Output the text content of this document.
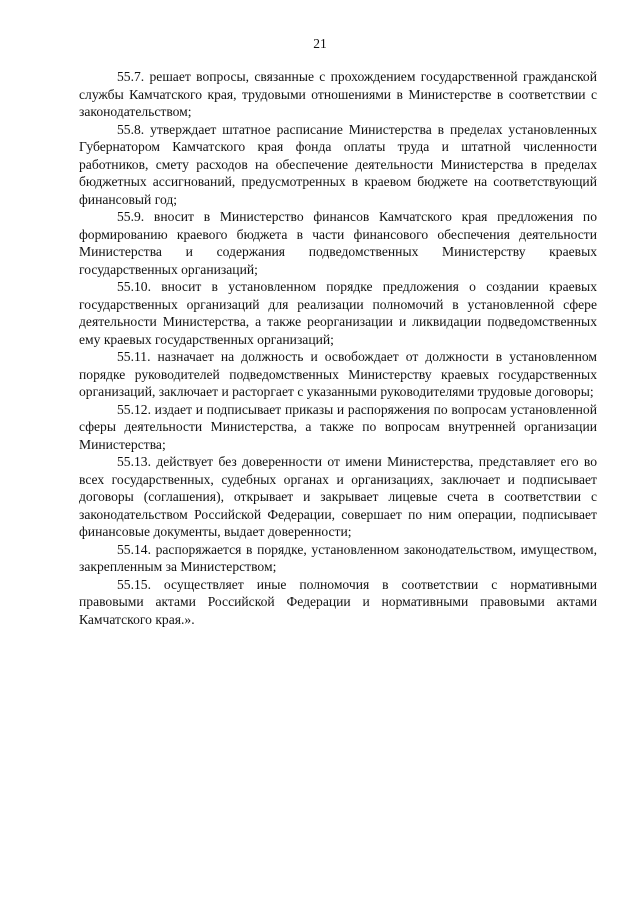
21

55.7. решает вопросы, связанные с прохождением государственной гражданской службы Камчатского края, трудовыми отношениями в Министерстве в соответствии с законодательством;

55.8. утверждает штатное расписание Министерства в пределах установленных Губернатором Камчатского края фонда оплаты труда и штатной численности работников, смету расходов на обеспечение деятельности Министерства в пределах бюджетных ассигнований, предусмотренных в краевом бюджете на соответствующий финансовый год;

55.9. вносит в Министерство финансов Камчатского края предложения по формированию краевого бюджета в части финансового обеспечения деятельности Министерства и содержания подведомственных Министерству краевых государственных организаций;

55.10. вносит в установленном порядке предложения о создании краевых государственных организаций для реализации полномочий в установленной сфере деятельности Министерства, а также реорганизации и ликвидации подведомственных ему краевых государственных организаций;

55.11. назначает на должность и освобождает от должности в установленном порядке руководителей подведомственных Министерству краевых государственных организаций, заключает и расторгает с указанными руководителями трудовые договоры;

55.12. издает и подписывает приказы и распоряжения по вопросам установленной сферы деятельности Министерства, а также по вопросам внутренней организации Министерства;

55.13. действует без доверенности от имени Министерства, представляет его во всех государственных, судебных органах и организациях, заключает и подписывает договоры (соглашения), открывает и закрывает лицевые счета в соответствии с законодательством Российской Федерации, совершает по ним операции, подписывает финансовые документы, выдает доверенности;

55.14. распоряжается в порядке, установленном законодательством, имуществом, закрепленным за Министерством;

55.15. осуществляет иные полномочия в соответствии с нормативными правовыми актами Российской Федерации и нормативными правовыми актами Камчатского края.».
